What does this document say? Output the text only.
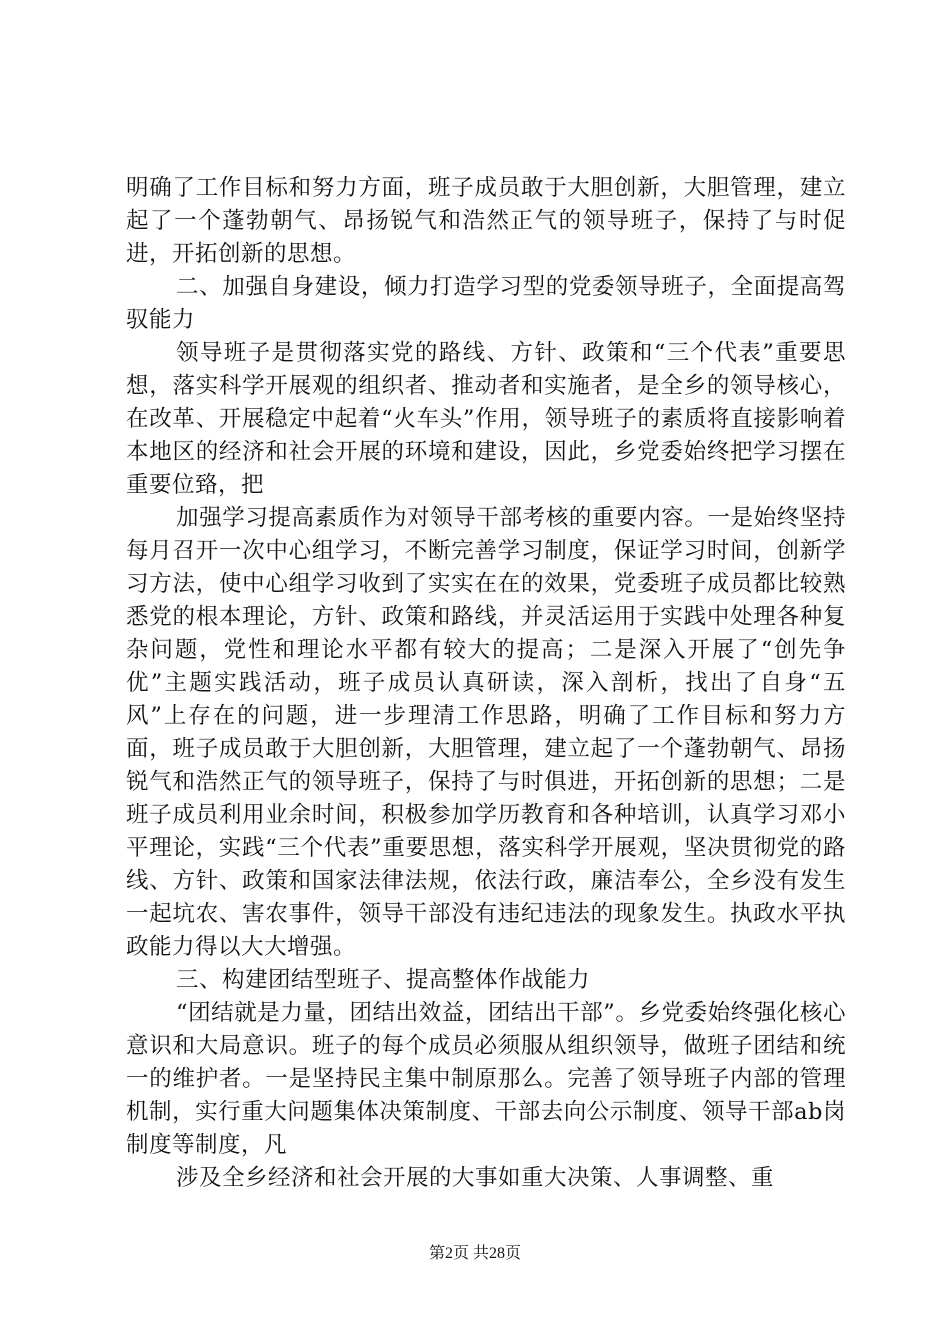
明确了工作目标和努力方面，班子成员敢于大胆创新，大胆管理，建立起了一个蓬勃朝气、昂扬锐气和浩然正气的领导班子，保持了与时促进，开拓创新的思想。

二、加强自身建设，倾力打造学习型的党委领导班子，全面提高驾驭能力

领导班子是贯彻落实党的路线、方针、政策和“三个代表”重要思想，落实科学开展观的组织者、推动者和实施者，是全乡的领导核心，在改革、开展稳定中起着“火车头”作用，领导班子的素质将直接影响着本地区的经济和社会开展的环境和建设，因此，乡党委始终把学习摆在重要位臵，把

加强学习提高素质作为对领导干部考核的重要内容。一是始终坚持每月召开一次中心组学习，不断完善学习制度，保证学习时间，创新学习方法，使中心组学习收到了实实在在的效果，党委班子成员都比较熟悉党的根本理论，方针、政策和路线，并灵活运用于实践中处理各种复杂问题，党性和理论水平都有较大的提高；二是深入开展了“创先争优”主题实践活动，班子成员认真研读，深入剖析，找出了自身“五风”上存在的问题，进一步理清工作思路，明确了工作目标和努力方面，班子成员敢于大胆创新，大胆管理，建立起了一个蓬勃朝气、昂扬锐气和浩然正气的领导班子，保持了与时俱进，开拓创新的思想；二是班子成员利用业余时间，积极参加学历教育和各种培训，认真学习邓小平理论，实践“三个代表”重要思想，落实科学开展观，坚决贯彻党的路线、方针、政策和国家法律法规，依法行政，廉洁奉公，全乡没有发生一起坑农、害农事件，领导干部没有违纪违法的现象发生。执政水平执政能力得以大大增强。

三、构建团结型班子、提高整体作战能力

“团结就是力量，团结出效益，团结出干部”。乡党委始终强化核心意识和大局意识。班子的每个成员必须服从组织领导，做班子团结和统一的维护者。一是坚持民主集中制原那么。完善了领导班子内部的管理机制，实行重大问题集体决策制度、干部去向公示制度、领导干部ab岗制度等制度，凡

涉及全乡经济和社会开展的大事如重大决策、人事调整、重

第2页 共28页
